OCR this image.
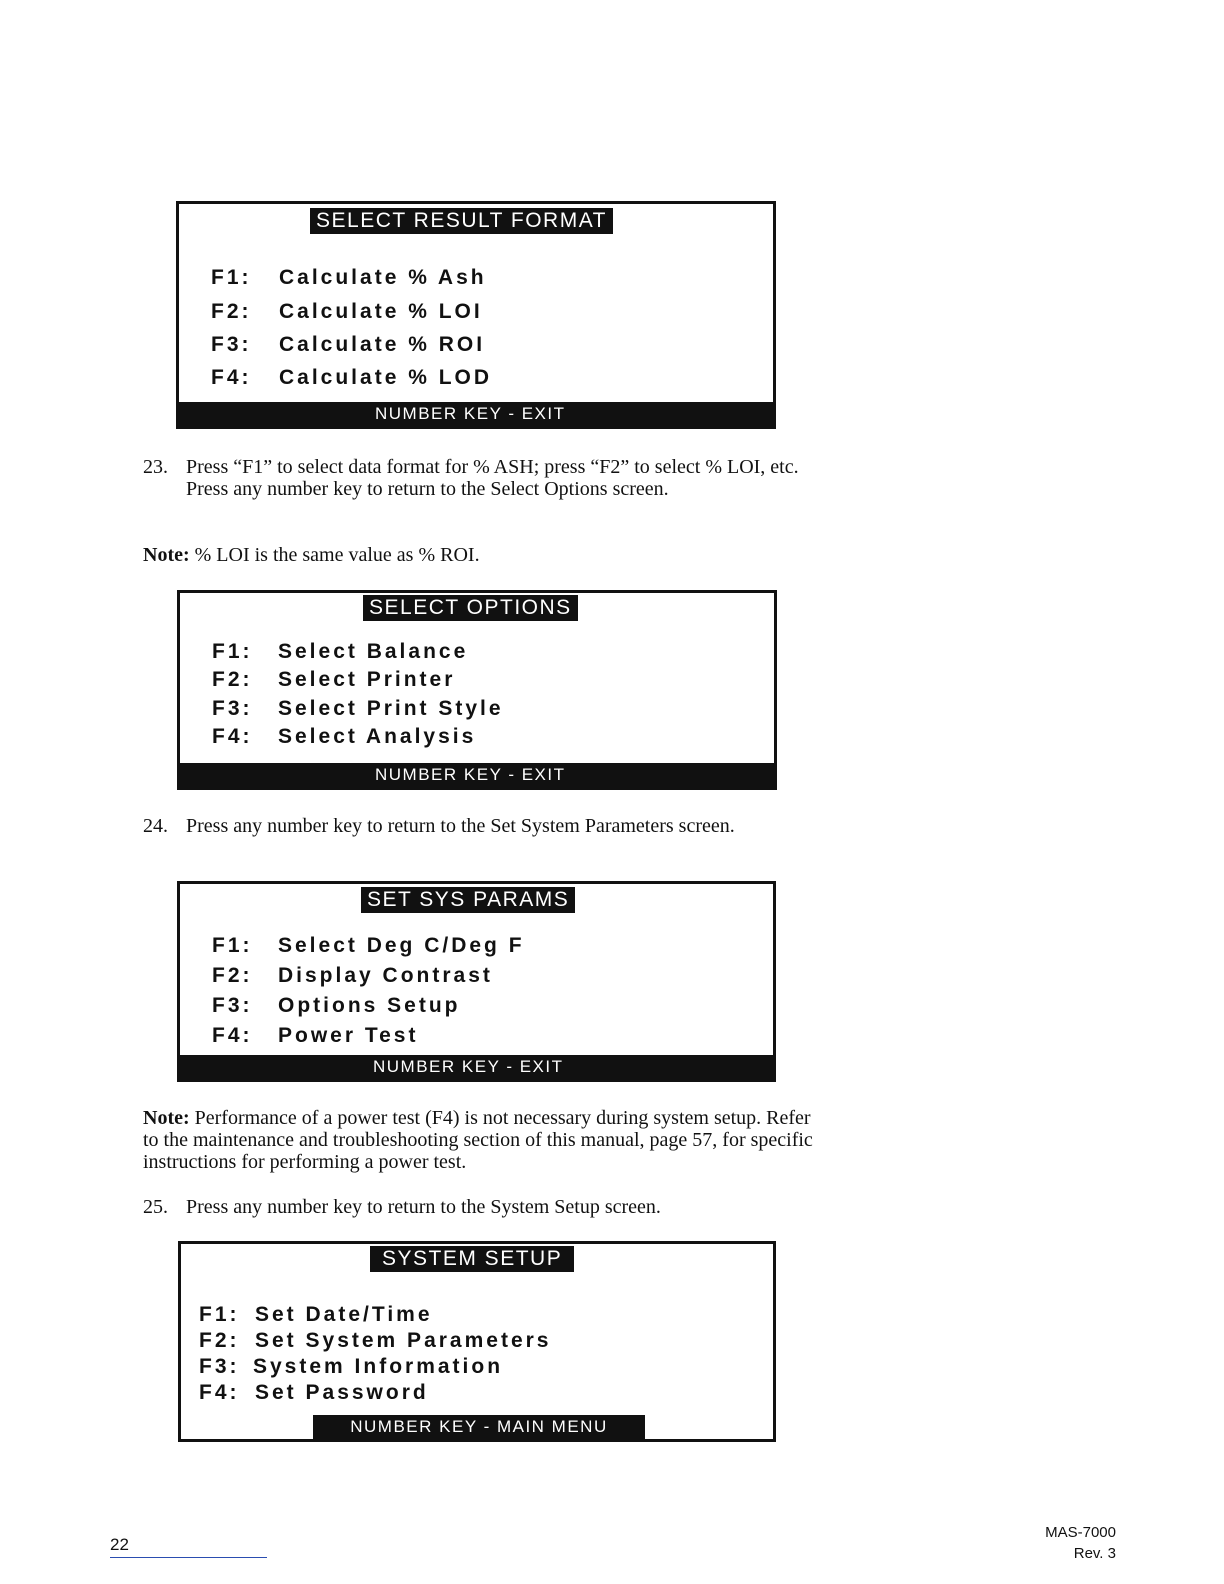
SELECT RESULT FORMAT
F1: Calculate % Ash
F2: Calculate % LOI
F3: Calculate % ROI
F4: Calculate % LOD
NUMBER KEY - EXIT
23. Press “F1” to select data format for % ASH; press “F2” to select % LOI, etc. Press any number key to return to the Select Options screen.
Note: % LOI is the same value as % ROI.
SELECT OPTIONS
F1: Select Balance
F2: Select Printer
F3: Select Print Style
F4: Select Analysis
NUMBER KEY - EXIT
24. Press any number key to return to the Set System Parameters screen.
SET SYS PARAMS
F1: Select Deg C/Deg F
F2: Display Contrast
F3: Options Setup
F4: Power Test
NUMBER KEY - EXIT
Note: Performance of a power test (F4) is not necessary during system setup. Refer to the maintenance and troubleshooting section of this manual, page 57, for specific instructions for performing a power test.
25. Press any number key to return to the System Setup screen.
SYSTEM SETUP
F1: Set Date/Time
F2: Set System Parameters
F3: System Information
F4: Set Password
NUMBER KEY - MAIN MENU
22
MAS-7000
Rev. 3
